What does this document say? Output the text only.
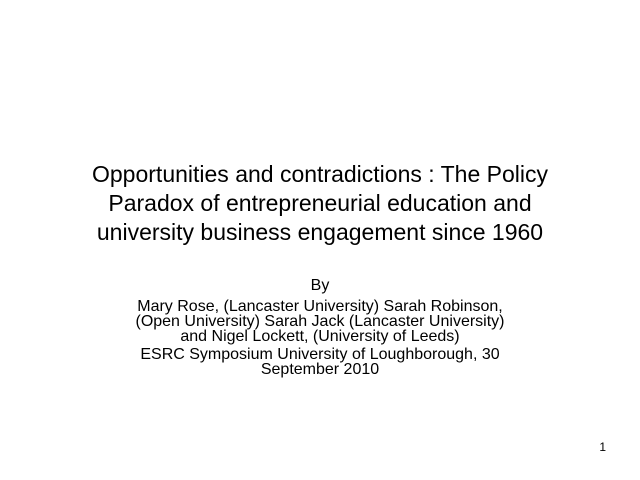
Opportunities and contradictions : The Policy
Paradox of entrepreneurial education and
university business engagement since 1960
By
Mary Rose, (Lancaster University) Sarah Robinson,
(Open University) Sarah Jack (Lancaster University)
and Nigel Lockett, (University of Leeds)
ESRC Symposium University of Loughborough, 30
September 2010
1
